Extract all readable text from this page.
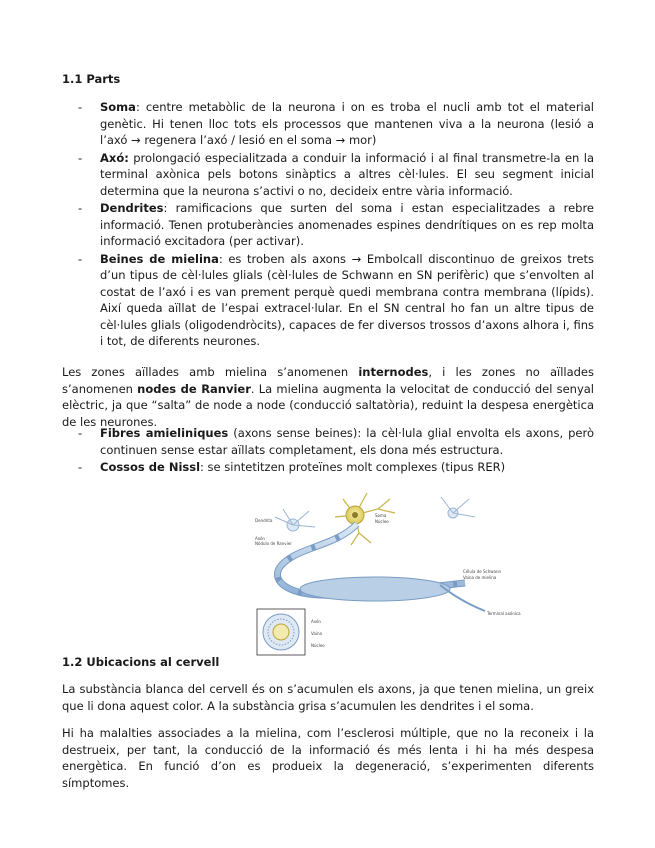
1.1 Parts
- Soma: centre metabòlic de la neurona i on es troba el nucli amb tot el material genètic. Hi tenen lloc tots els processos que mantenen viva a la neurona (lesió a l’axó → regenera l’axó / lesió en el soma → mor)
- Axó: prolongació especialitzada a conduir la informació i al final transmetre-la en la terminal axònica pels botons sinàptics a altres cèl·lules. El seu segment inicial determina que la neurona s’activi o no, decideix entre vària informació.
- Dendrites: ramificacions que surten del soma i estan especialitzades a rebre informació. Tenen protuberàncies anomenades espines dendrítiques on es rep molta informació excitadora (per activar).
- Beines de mielina: es troben als axons → Embolcall discontinuo de greixos trets d’un tipus de cèl·lules glials (cèl·lules de Schwann en SN perifèric) que s’envolten al costat de l’axó i es van prement perquè quedi membrana contra membrana (lípids). Així queda aïllat de l’espai extracel·lular. En el SN central ho fan un altre tipus de cèl·lules glials (oligodendròcits), capaces de fer diversos trossos d’axons alhora i, fins i tot, de diferents neurones.
Les zones aïllades amb mielina s’anomenen internodes, i les zones no aïllades s’anomenen nodes de Ranvier. La mielina augmenta la velocitat de conducció del senyal elèctric, ja que “salta” de node a node (conducció saltatòria), reduint la despesa energètica de les neurones.
- Fibres amieliniques (axons sense beines): la cèl·lula glial envolta els axons, però continuen sense estar aïllats completament, els dona més estructura.
- Cossos de Nissl: se sintetitzen proteïnes molt complexes (tipus RER)
Dendrita
Soma
Núcleo
Axón
Nódulo de Ranvier
Célula de Schwann
Vaina de mielina
Terminal axónica
Axón
Vaina
Núcleo
1.2 Ubicacions al cervell
La substància blanca del cervell és on s’acumulen els axons, ja que tenen mielina, un greix que li dona aquest color. A la substància grisa s’acumulen les dendrites i el soma.
Hi ha malalties associades a la mielina, com l’esclerosi múltiple, que no la reconeix i la destrueix, per tant, la conducció de la informació és més lenta i hi ha més despesa energètica. En funció d’on es produeix la degeneració, s’experimenten diferents símptomes.
